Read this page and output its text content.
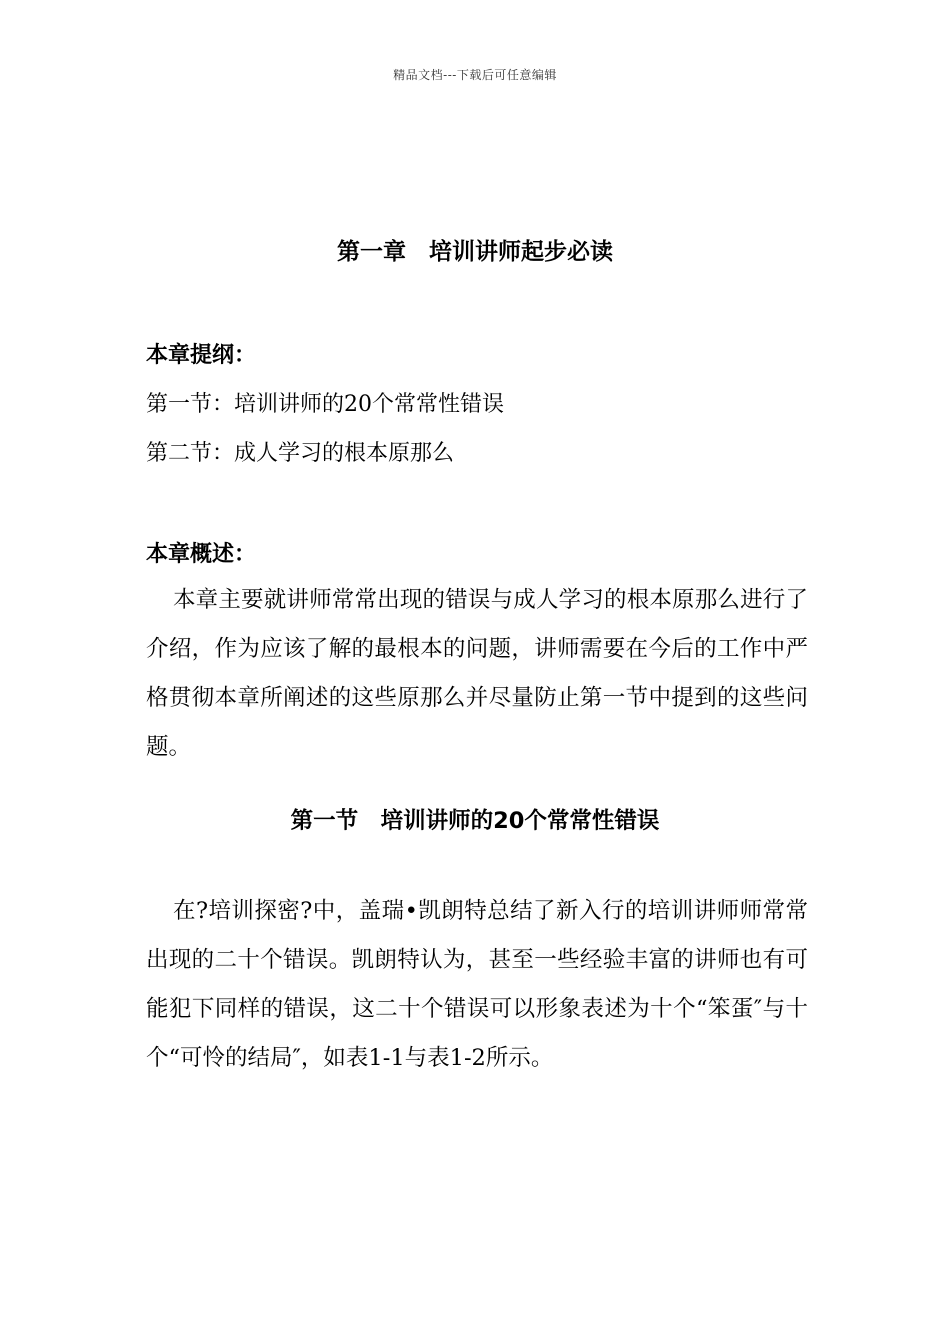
精品文档---下载后可任意编辑
第一章　培训讲师起步必读
本章提纲：
第一节：培训讲师的20个常常性错误
第二节：成人学习的根本原那么
本章概述：
本章主要就讲师常常出现的错误与成人学习的根本原那么进行了介绍，作为应该了解的最根本的问题，讲师需要在今后的工作中严格贯彻本章所阐述的这些原那么并尽量防止第一节中提到的这些问题。
第一节　培训讲师的20个常常性错误
在?培训探密?中，盖瑞•凯朗特总结了新入行的培训讲师师常常出现的二十个错误。凯朗特认为，甚至一些经验丰富的讲师也有可能犯下同样的错误，这二十个错误可以形象表述为十个“笨蛋″与十个“可怜的结局″，如表1-1与表1-2所示。
